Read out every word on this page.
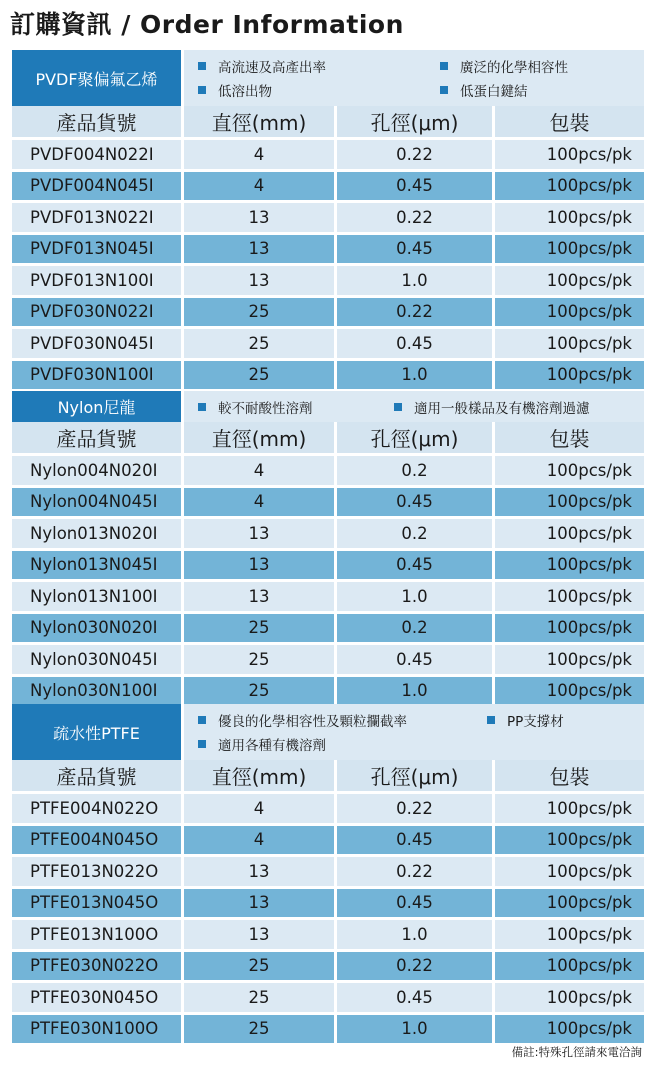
訂購資訊 / Order Information
PVDF聚偏氟乙烯
高流速及高產出率	廣泛的化學相容性
低溶出物	低蛋白鍵結
產品貨號	直徑(mm)	孔徑(μm)	包裝
PVDF004N022I	4	0.22	100pcs/pk
PVDF004N045I	4	0.45	100pcs/pk
PVDF013N022I	13	0.22	100pcs/pk
PVDF013N045I	13	0.45	100pcs/pk
PVDF013N100I	13	1.0	100pcs/pk
PVDF030N022I	25	0.22	100pcs/pk
PVDF030N045I	25	0.45	100pcs/pk
PVDF030N100I	25	1.0	100pcs/pk
Nylon尼龍	較不耐酸性溶劑	適用一般樣品及有機溶劑過濾
產品貨號	直徑(mm)	孔徑(μm)	包裝
Nylon004N020I	4	0.2	100pcs/pk
Nylon004N045I	4	0.45	100pcs/pk
Nylon013N020I	13	0.2	100pcs/pk
Nylon013N045I	13	0.45	100pcs/pk
Nylon013N100I	13	1.0	100pcs/pk
Nylon030N020I	25	0.2	100pcs/pk
Nylon030N045I	25	0.45	100pcs/pk
Nylon030N100I	25	1.0	100pcs/pk
疏水性PTFE
優良的化學相容性及顆粒攔截率	PP支撐材
適用各種有機溶劑
產品貨號	直徑(mm)	孔徑(μm)	包裝
PTFE004N022O	4	0.22	100pcs/pk
PTFE004N045O	4	0.45	100pcs/pk
PTFE013N022O	13	0.22	100pcs/pk
PTFE013N045O	13	0.45	100pcs/pk
PTFE013N100O	13	1.0	100pcs/pk
PTFE030N022O	25	0.22	100pcs/pk
PTFE030N045O	25	0.45	100pcs/pk
PTFE030N100O	25	1.0	100pcs/pk
備註:特殊孔徑請來電洽詢
